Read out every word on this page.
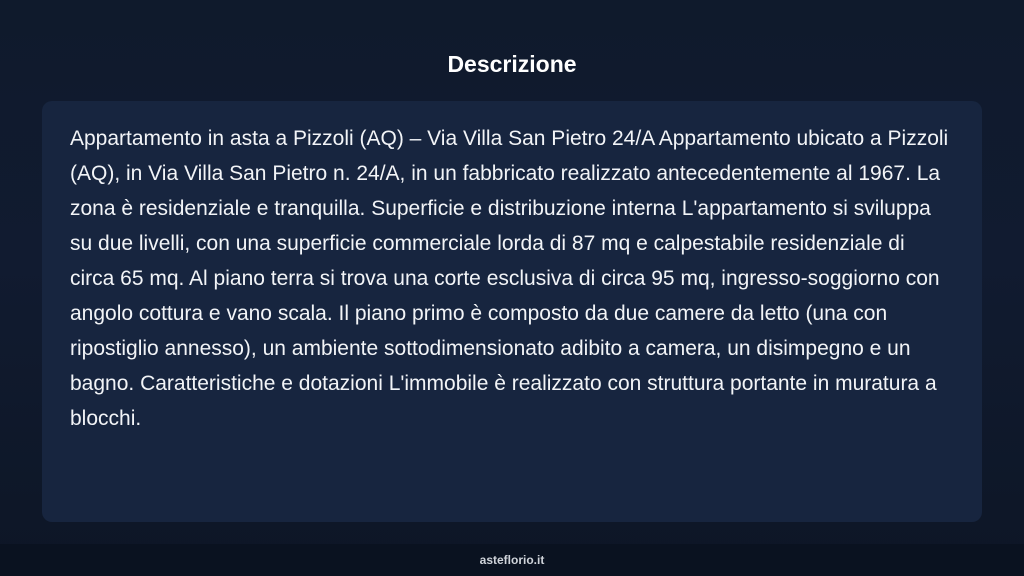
Descrizione

Appartamento in asta a Pizzoli (AQ) – Via Villa San Pietro 24/A Appartamento ubicato a Pizzoli (AQ), in Via Villa San Pietro n. 24/A, in un fabbricato realizzato antecedentemente al 1967. La zona è residenziale e tranquilla. Superficie e distribuzione interna L'appartamento si sviluppa su due livelli, con una superficie commerciale lorda di 87 mq e calpestabile residenziale di circa 65 mq. Al piano terra si trova una corte esclusiva di circa 95 mq, ingresso-soggiorno con angolo cottura e vano scala. Il piano primo è composto da due camere da letto (una con ripostiglio annesso), un ambiente sottodimensionato adibito a camera, un disimpegno e un bagno. Caratteristiche e dotazioni L'immobile è realizzato con struttura portante in muratura a blocchi.

asteflorio.it
